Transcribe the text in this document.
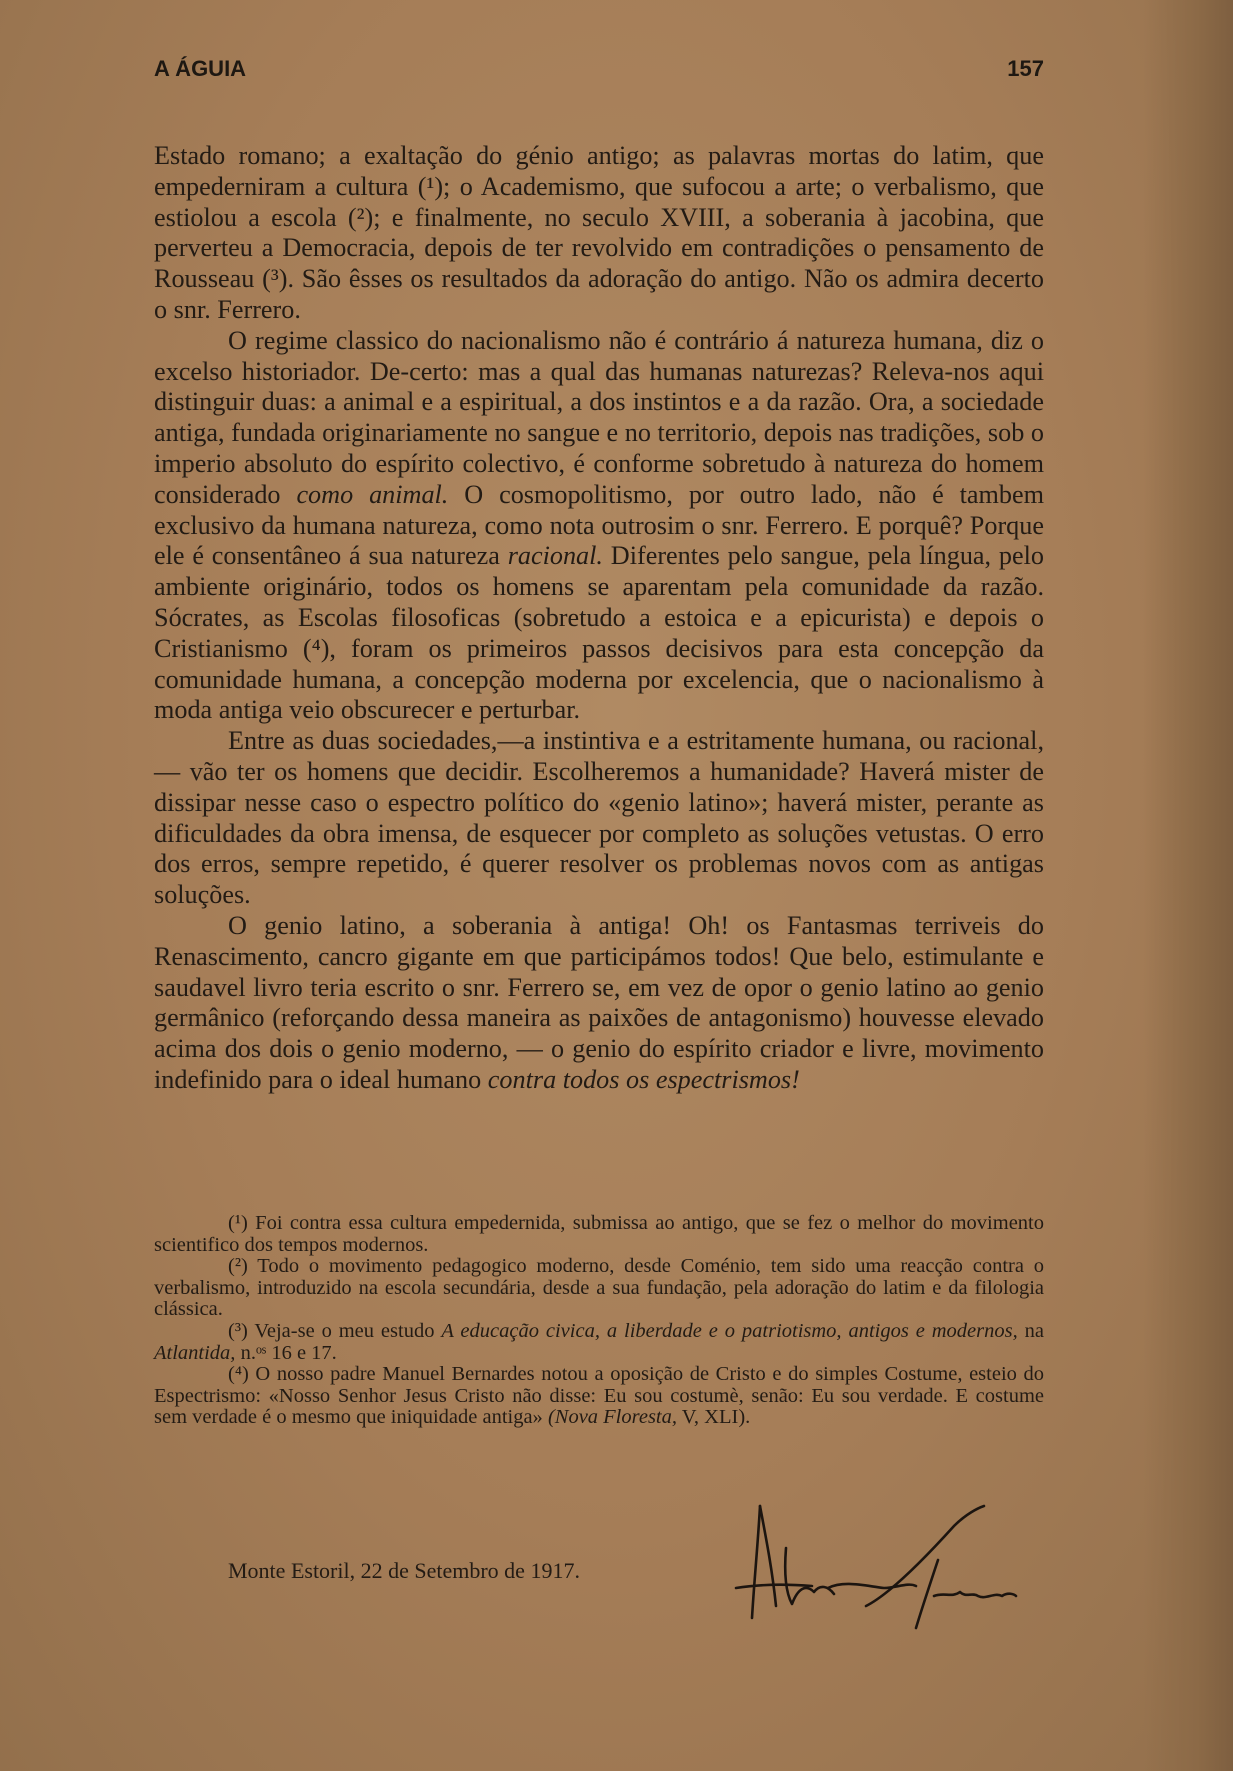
A ÁGUIA	157

Estado romano; a exaltação do génio antigo; as palavras mortas do latim, que empederniram a cultura (¹); o Academismo, que sufocou a arte; o verbalismo, que estiolou a escola (²); e finalmente, no seculo XVIII, a soberania à jacobina, que perverteu a Democracia, depois de ter revolvido em contradições o pensamento de Rousseau (³). São êsses os resultados da adoração do antigo. Não os admira decerto o snr. Ferrero.

O regime classico do nacionalismo não é contrário á natureza humana, diz o excelso historiador. De-certo: mas a qual das humanas naturezas? Releva-nos aqui distinguir duas: a animal e a espiritual, a dos instintos e a da razão. Ora, a sociedade antiga, fundada originariamente no sangue e no territorio, depois nas tradições, sob o imperio absoluto do espírito colectivo, é conforme sobretudo à natureza do homem considerado como animal. O cosmopolitismo, por outro lado, não é tambem exclusivo da humana natureza, como nota outrosim o snr. Ferrero. E porquê? Porque ele é consentâneo á sua natureza racional. Diferentes pelo sangue, pela língua, pelo ambiente originário, todos os homens se aparentam pela comunidade da razão. Sócrates, as Escolas filosoficas (sobretudo a estoica e a epicurista) e depois o Cristianismo (⁴), foram os primeiros passos decisivos para esta concepção da comunidade humana, a concepção moderna por excelencia, que o nacionalismo à moda antiga veio obscurecer e perturbar.

Entre as duas sociedades,—a instintiva e a estritamente humana, ou racional, — vão ter os homens que decidir. Escolheremos a humanidade? Haverá mister de dissipar nesse caso o espectro político do «genio latino»; haverá mister, perante as dificuldades da obra imensa, de esquecer por completo as soluções vetustas. O erro dos erros, sempre repetido, é querer resolver os problemas novos com as antigas soluções.

O genio latino, a soberania à antiga! Oh! os Fantasmas terriveis do Renascimento, cancro gigante em que participámos todos! Que belo, estimulante e saudavel livro teria escrito o snr. Ferrero se, em vez de opor o genio latino ao genio germânico (reforçando dessa maneira as paixões de antagonismo) houvesse elevado acima dos dois o genio moderno, — o genio do espírito criador e livre, movimento indefinido para o ideal humano contra todos os espectrismos!

(¹) Foi contra essa cultura empedernida, submissa ao antigo, que se fez o melhor do movimento scientifico dos tempos modernos.

(²) Todo o movimento pedagogico moderno, desde Coménio, tem sido uma reacção contra o verbalismo, introduzido na escola secundária, desde a sua fundação, pela adoração do latim e da filologia clássica.

(³) Veja-se o meu estudo A educação civica, a liberdade e o patriotismo, antigos e modernos, na Atlantida, n.ᵒˢ 16 e 17.

(⁴) O nosso padre Manuel Bernardes notou a oposição de Cristo e do simples Costume, esteio do Espectrismo: «Nosso Senhor Jesus Cristo não disse: Eu sou costumè, senão: Eu sou verdade. E costume sem verdade é o mesmo que iniquidade antiga» (Nova Floresta, V, XLI).

Monte Estoril, 22 de Setembro de 1917.
